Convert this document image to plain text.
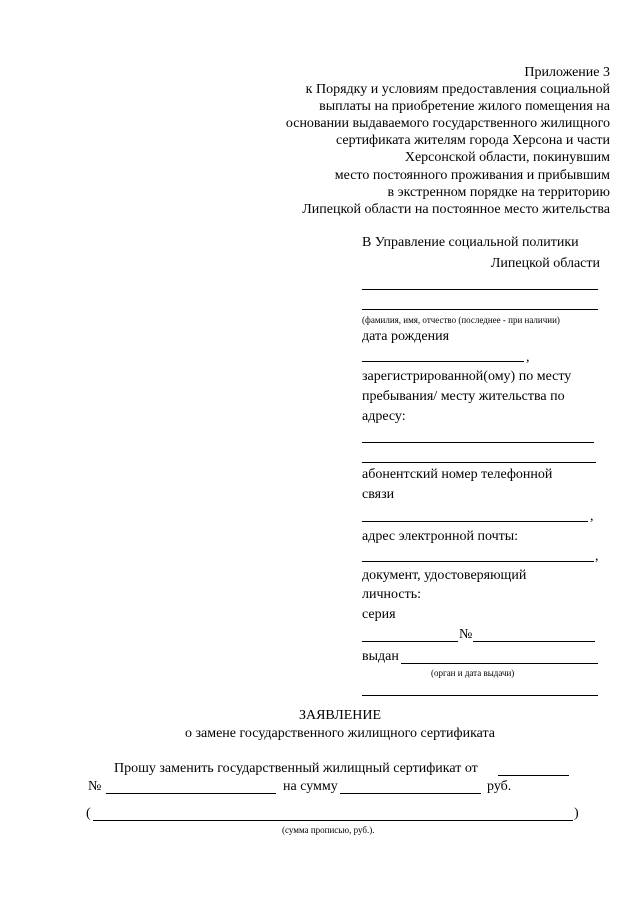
Приложение 3
к Порядку и условиям предоставления социальной
выплаты на приобретение жилого помещения на
основании выдаваемого государственного жилищного
сертификата жителям города Херсона и части
Херсонской области, покинувшим
место постоянного проживания и прибывшим
в экстренном порядке на территорию
Липецкой области на постоянное место жительства
В Управление социальной политики
Липецкой области
(фамилия, имя, отчество (последнее - при наличии)
дата рождения
,
зарегистрированной(ому) по месту
пребывания/ месту жительства по
адресу:
абонентский номер телефонной
связи
,
адрес электронной почты:
,
документ, удостоверяющий
личность:
серия
№
выдан
(орган и дата выдачи)
ЗАЯВЛЕНИЕ
о замене государственного жилищного сертификата
Прошу заменить государственный жилищный сертификат от
№	на сумму	руб.
(	)
(сумма прописью, руб.).
